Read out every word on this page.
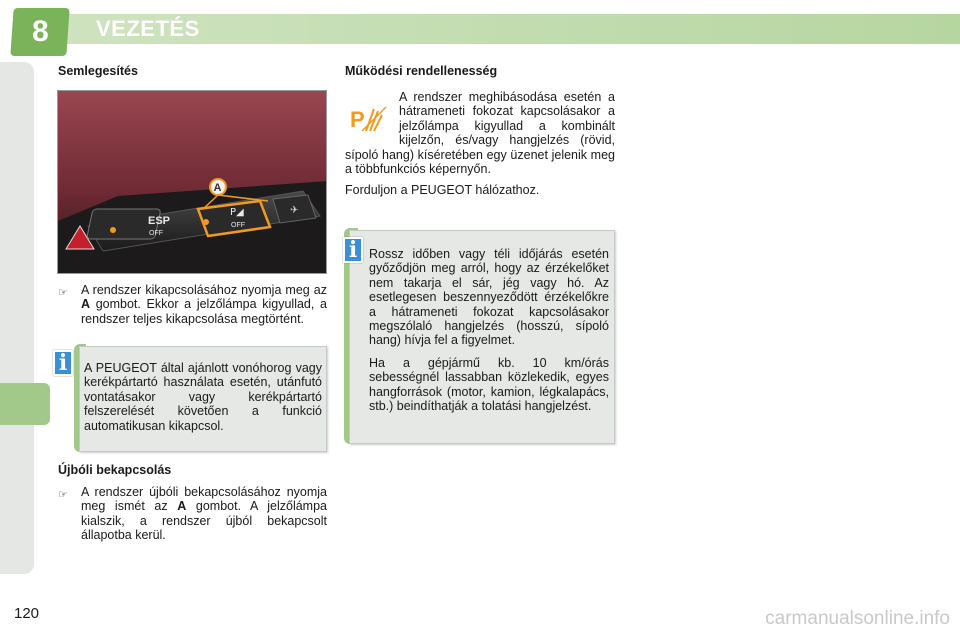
8 VEZETÉS
Semlegesítés
ESP
OFF
P◢
OFF
✈
A
☞ A rendszer kikapcsolásához nyomja meg az A gombot. Ekkor a jelzőlámpa kigyullad, a rendszer teljes kikapcsolása megtörtént.
i	A PEUGEOT által ajánlott vonóhorog vagy kerékpártartó használata esetén, utánfutó vontatásakor vagy kerékpártartó felszerelését követően a funkció automatikusan kikapcsol.
Újbóli bekapcsolás
☞ A rendszer újbóli bekapcsolásához nyomja meg ismét az A gombot. A jelzőlámpa kialszik, a rendszer újból bekapcsolt állapotba kerül.
Működési rendellenesség
P
A rendszer meghibásodása esetén a hátrameneti fokozat kapcsolásakor a jelzőlámpa kigyullad a kombinált kijelzőn, és/vagy hangjelzés (rövid, sípoló hang) kíséretében egy üzenet jelenik meg a többfunkciós képernyőn.
Forduljon a PEUGEOT hálózathoz.
i Rossz időben vagy téli időjárás esetén győződjön meg arról, hogy az érzékelőket nem takarja el sár, jég vagy hó. Az esetlegesen beszennyeződött érzékelőkre a hátrameneti fokozat kapcsolásakor megszólaló hangjelzés (hosszú, sípoló hang) hívja fel a figyelmet.
Ha a gépjármű kb. 10 km/órás sebességnél lassabban közlekedik, egyes hangforrások (motor, kamion, légkalapács, stb.) beindíthatják a tolatási hangjelzést.
120	carmanualsonline.info
